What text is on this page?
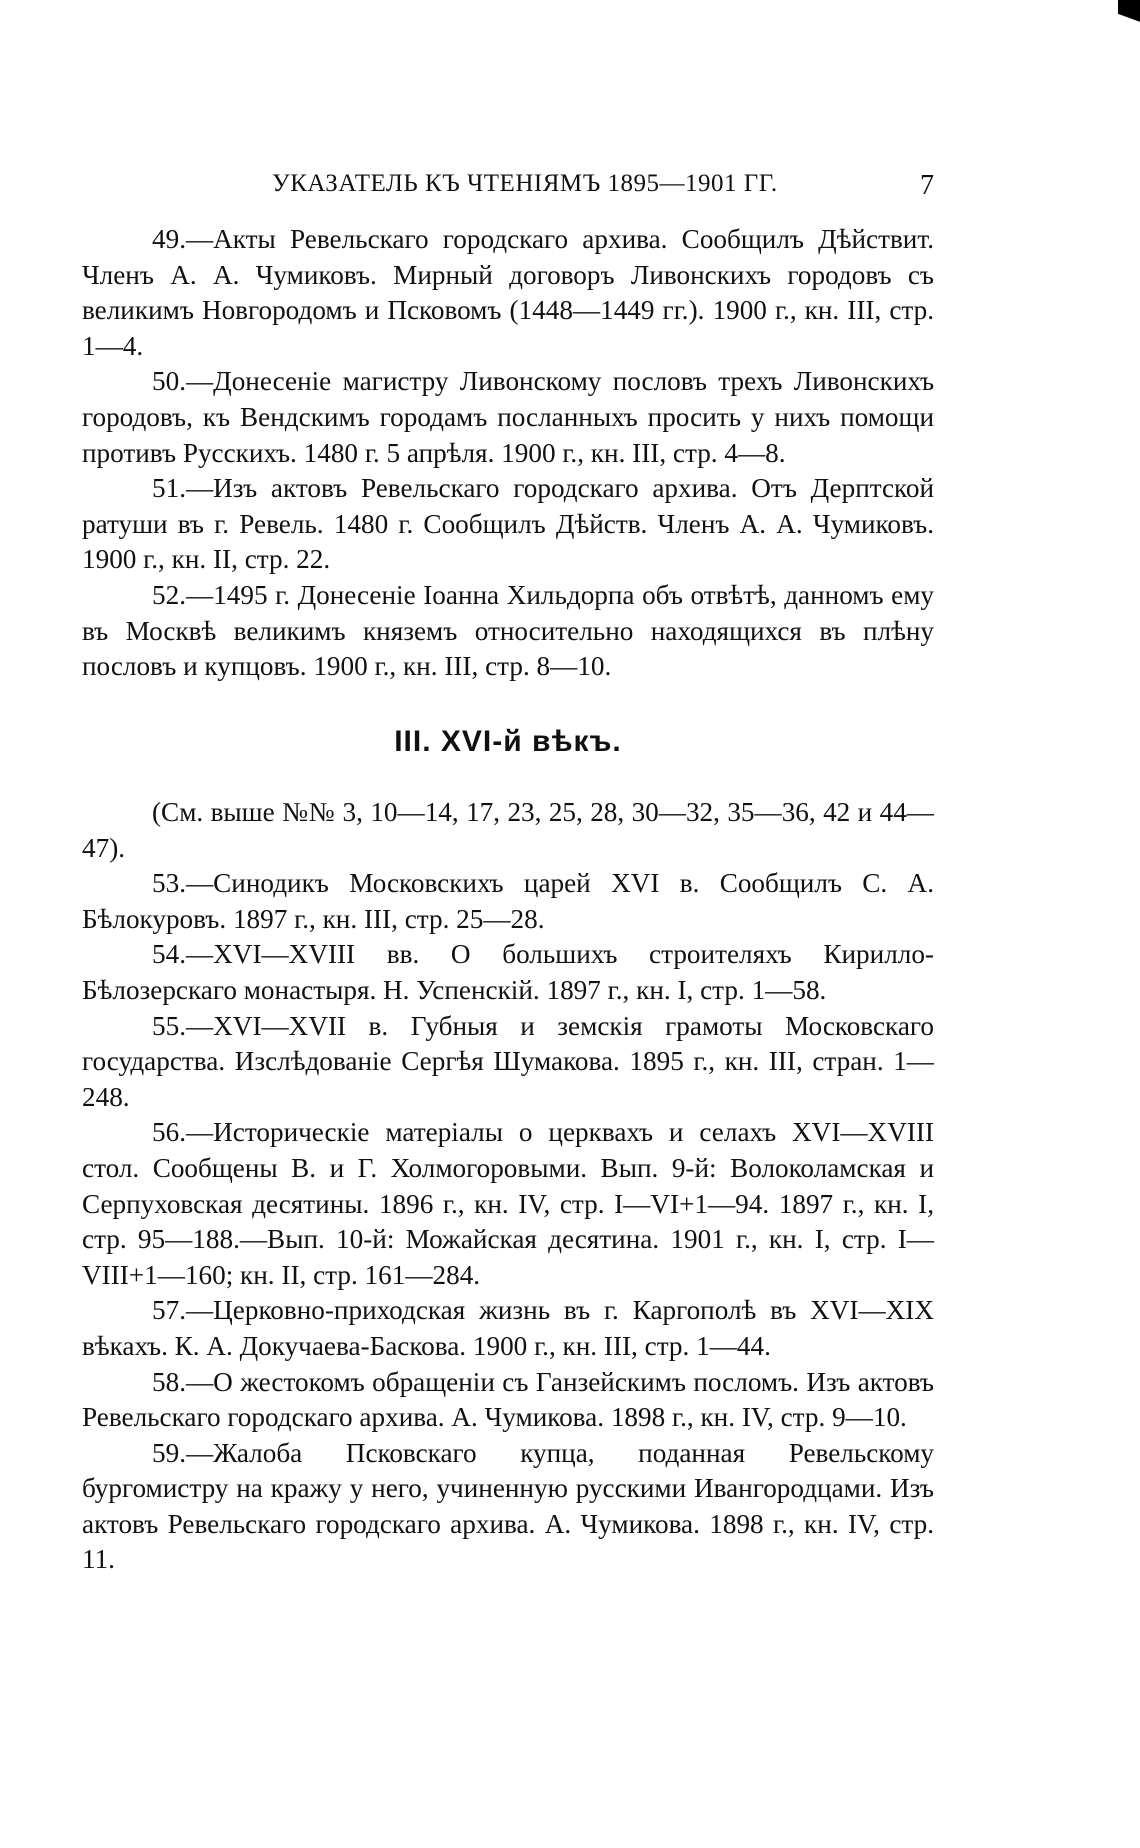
УКАЗАТЕЛЬ КЪ ЧТЕНІЯМЪ 1895—1901 ГГ.	7

49.—Акты Ревельскаго городскаго архива. Сообщилъ Дѣйствит. Членъ А. А. Чумиковъ. Мирный договоръ Ливонскихъ городовъ съ великимъ Новгородомъ и Псковомъ (1448—1449 гг.). 1900 г., кн. III, стр. 1—4.

50.—Донесеніе магистру Ливонскому пословъ трехъ Ливонскихъ городовъ, къ Вендскимъ городамъ посланныхъ просить у нихъ помощи противъ Русскихъ. 1480 г. 5 апрѣля. 1900 г., кн. III, стр. 4—8.

51.—Изъ актовъ Ревельскаго городскаго архива. Отъ Дерптской ратуши въ г. Ревель. 1480 г. Сообщилъ Дѣйств. Членъ А. А. Чумиковъ. 1900 г., кн. II, стр. 22.

52.—1495 г. Донесеніе Іоанна Хильдорпа объ отвѣтѣ, данномъ ему въ Москвѣ великимъ княземъ относительно находящихся въ плѣну пословъ и купцовъ. 1900 г., кн. III, стр. 8—10.

III. XVI-й вѣкъ.

(См. выше №№ 3, 10—14, 17, 23, 25, 28, 30—32, 35—36, 42 и 44—47).

53.—Синодикъ Московскихъ царей XVI в. Сообщилъ С. А. Бѣлокуровъ. 1897 г., кн. III, стр. 25—28.

54.—XVI—XVIII вв. О большихъ строителяхъ Кирилло-Бѣлозерскаго монастыря. Н. Успенскій. 1897 г., кн. I, стр. 1—58.

55.—XVI—XVII в. Губныя и земскія грамоты Московскаго государства. Изслѣдованіе Сергѣя Шумакова. 1895 г., кн. III, стран. 1—248.

56.—Историческіе матеріалы о церквахъ и селахъ XVI—XVIII стол. Сообщены В. и Г. Холмогоровыми. Вып. 9-й: Волоколамская и Серпуховская десятины. 1896 г., кн. IV, стр. I—VI+1—94. 1897 г., кн. I, стр. 95—188.—Вып. 10-й: Можайская десятина. 1901 г., кн. I, стр. I—VIII+1—160; кн. II, стр. 161—284.

57.—Церковно-приходская жизнь въ г. Каргополѣ въ XVI—XIX вѣкахъ. К. А. Докучаева-Баскова. 1900 г., кн. III, стр. 1—44.

58.—О жестокомъ обращеніи съ Ганзейскимъ посломъ. Изъ актовъ Ревельскаго городскаго архива. А. Чумикова. 1898 г., кн. IV, стр. 9—10.

59.—Жалоба Псковскаго купца, поданная Ревельскому бургомистру на кражу у него, учиненную русскими Ивангородцами. Изъ актовъ Ревельскаго городскаго архива. А. Чумикова. 1898 г., кн. IV, стр. 11.
